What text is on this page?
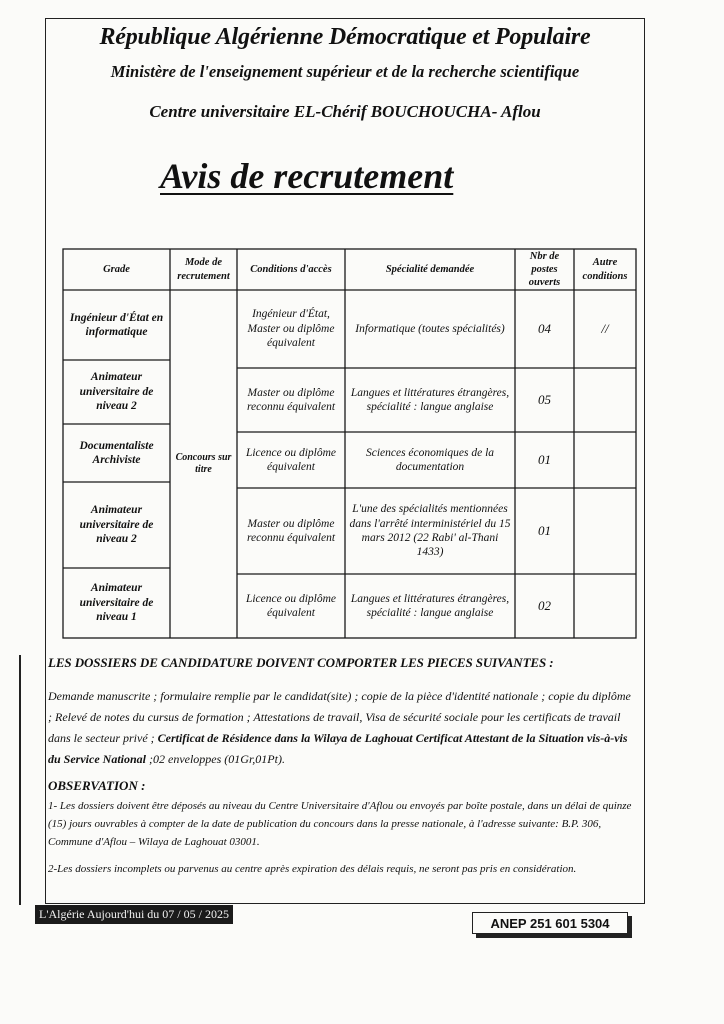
République Algérienne Démocratique et Populaire
Ministère de l'enseignement supérieur et de la recherche scientifique
Centre universitaire EL-Chérif BOUCHOUCHA- Aflou
Avis de recrutement
Grade
Mode de recrutement
Conditions d'accès	Spécialité demandée
Nbr de postes ouverts
Autre conditions
Concours sur titre
Ingénieur d'État en informatique
Animateur universitaire de niveau 2
Documentaliste Archiviste
Animateur universitaire de niveau 2
Animateur universitaire de niveau 1
Ingénieur d'État, Master ou diplôme équivalent
Master ou diplôme reconnu équivalent
Licence ou diplôme équivalent
Master ou diplôme reconnu équivalent
Licence ou diplôme équivalent
Informatique (toutes spécialités)
Langues et littératures étrangères, spécialité : langue anglaise
Sciences économiques de la documentation
L'une des spécialités mentionnées dans l'arrêté interministériel du 15 mars 2012 (22 Rabi' al-Thani 1433)
Langues et littératures étrangères, spécialité : langue anglaise
04
05
01
01
02
//
LES DOSSIERS DE CANDIDATURE DOIVENT COMPORTER LES PIECES SUIVANTES :
Demande manuscrite ; formulaire remplie par le candidat(site) ; copie de la pièce d'identité nationale ; copie du diplôme ; Relevé de notes du cursus de formation ; Attestations de travail, Visa de sécurité sociale pour les certificats de travail dans le secteur privé ; Certificat de Résidence dans la Wilaya de Laghouat Certificat Attestant de la Situation vis-à-vis du Service National ;02 enveloppes (01Gr,01Pt).
OBSERVATION :
1- Les dossiers doivent être déposés au niveau du Centre Universitaire d'Aflou ou envoyés par boîte postale, dans un délai de quinze (15) jours ouvrables à compter de la date de publication du concours dans la presse nationale, à l'adresse suivante: B.P. 306, Commune d'Aflou – Wilaya de Laghouat 03001.
2-Les dossiers incomplets ou parvenus au centre après expiration des délais requis, ne seront pas pris en considération.
L'Algérie Aujourd'hui du 07 / 05 / 2025
ANEP 251 601 5304
